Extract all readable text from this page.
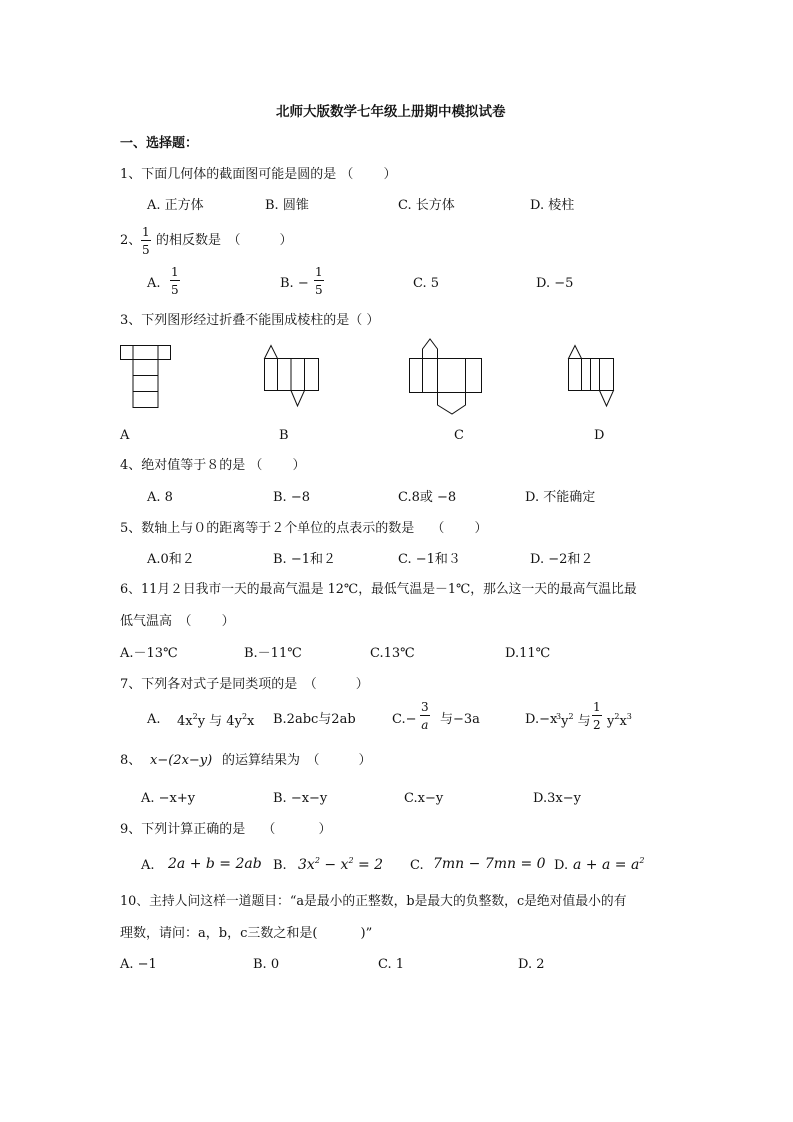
北师大版数学七年级上册期中模拟试卷
一、选择题：
1、下面几何体的截面图可能是圆的是 （　　 ）
A. 正方体	B. 圆锥	C. 长方体	D. 棱柱
2、 $\frac{1}{5}$ 的相反数是　（　　　）
A. $\frac{1}{5}$	B. − $\frac{1}{5}$	C. 5	D. −5
3、下列图形经过折叠不能围成棱柱的是（ ）
A	B	C	D
4、绝对值等于８的是 （　　 ）
A. 8	B. −8	C.8或 −8	D. 不能确定
5、数轴上与０的距离等于２个单位的点表示的数是　 （　　 ）
A.0和２	B. −1和２	C. −1和３	D. −2和２
6、11月２日我市一天的最高气温是 12℃，最低气温是－1℃，那么这一天的最高气温比最
低气温高　（　　 ）
A.－13℃	B.－11℃	C.13℃	D.11℃
7、下列各对式子是同类项的是　（　　　）
A. $4x^2y$ 与 $4y^2x$ B.2abc与2ab	$C.- \frac{3}{a}$ 与−3a	D.−x
$^3y^2$ 与 $\frac{1}{2} y^2x^3$
8、 x−(2x−y) 的运算结果为　（　　　）
A. −x+y	B. −x−y	C.x−y	D.3x−y
9、下列计算正确的是　 （　　　 ）
A. 2a + b = 2ab B. $3x^2 - x^2 = 2$ C. 7mn − 7mn = 0 D. $a + a = a^2$
10、主持人问这样一道题目：“a是最小的正整数，b是最大的负整数，c是绝对值最小的有
理数，请问：a，b，c三数之和是(　　　 )”
A. −1	B. 0	C. 1	D. 2
